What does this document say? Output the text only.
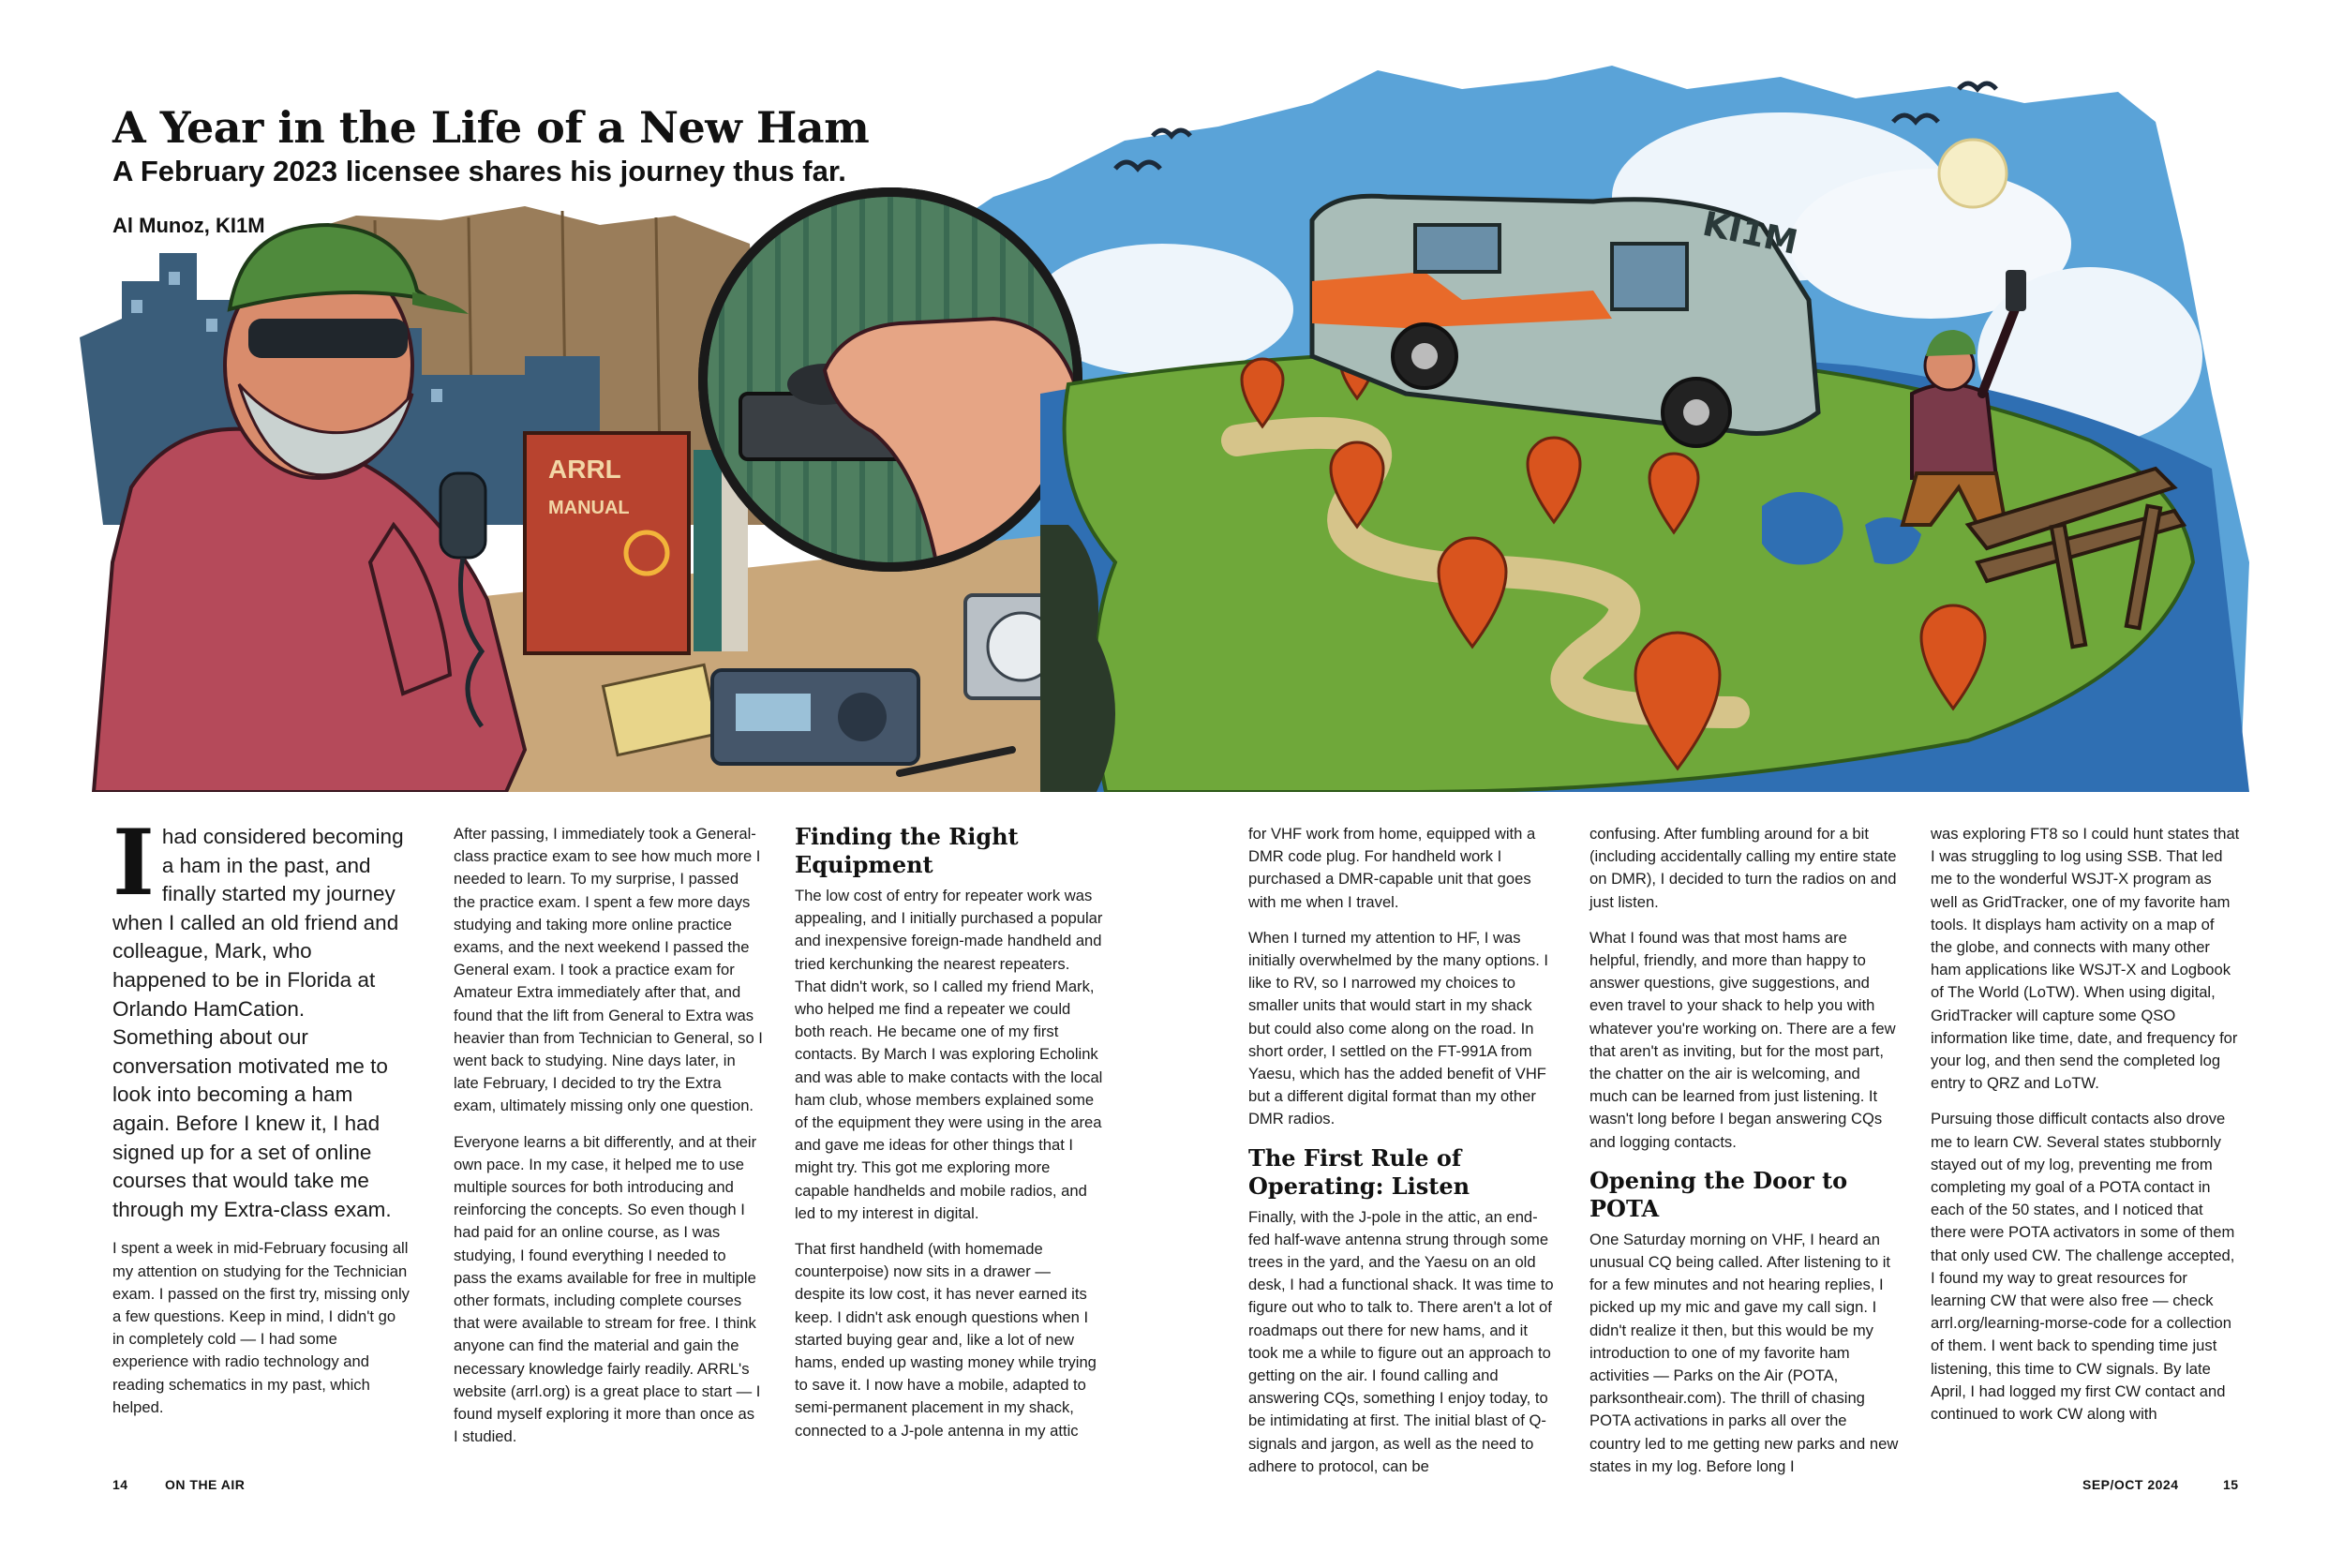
ARRL
MANUAL
KI1M
A Year in the Life of a New Ham
A February 2023 licensee shares his journey thus far.
Al Munoz, KI1M

Ihad considered becoming a ham in the past, and finally started my journey when I called an old friend and colleague, Mark, who happened to be in Florida at Orlando HamCation. Something about our conversation motivated me to look into becoming a ham again. Before I knew it, I had signed up for a set of online courses that would take me through my Extra-class exam.

I spent a week in mid-February focusing all my attention on studying for the Technician exam. I passed on the first try, missing only a few questions. Keep in mind, I didn't go in completely cold — I had some experience with radio technology and reading schematics in my past, which helped.

After passing, I immediately took a General-class practice exam to see how much more I needed to learn. To my surprise, I passed the practice exam. I spent a few more days studying and taking more online practice exams, and the next weekend I passed the General exam. I took a practice exam for Amateur Extra immediately after that, and found that the lift from General to Extra was heavier than from Technician to General, so I went back to studying. Nine days later, in late February, I decided to try the Extra exam, ultimately missing only one question.

Everyone learns a bit differently, and at their own pace. In my case, it helped me to use multiple sources for both introducing and reinforcing the concepts. So even though I had paid for an online course, as I was studying, I found everything I needed to pass the exams available for free in multiple other formats, including complete courses that were available to stream for free. I think anyone can find the material and gain the necessary knowledge fairly readily. ARRL's website (arrl.org) is a great place to start — I found myself exploring it more than once as I studied.

Finding the Right Equipment

The low cost of entry for repeater work was appealing, and I initially purchased a popular and inexpensive foreign-made handheld and tried kerchunking the nearest repeaters. That didn't work, so I called my friend Mark, who helped me find a repeater we could both reach. He became one of my first contacts. By March I was exploring Echolink and was able to make contacts with the local ham club, whose members explained some of the equipment they were using in the area and gave me ideas for other things that I might try. This got me exploring more capable handhelds and mobile radios, and led to my interest in digital.

That first handheld (with homemade counterpoise) now sits in a drawer — despite its low cost, it has never earned its keep. I didn't ask enough questions when I started buying gear and, like a lot of new hams, ended up wasting money while trying to save it. I now have a mobile, adapted to semi-permanent placement in my shack, connected to a J-pole antenna in my attic

for VHF work from home, equipped with a DMR code plug. For handheld work I purchased a DMR-capable unit that goes with me when I travel.

When I turned my attention to HF, I was initially overwhelmed by the many options. I like to RV, so I narrowed my choices to smaller units that would start in my shack but could also come along on the road. In short order, I settled on the FT-991A from Yaesu, which has the added benefit of VHF but a different digital format than my other DMR radios.

The First Rule of Operating: Listen

Finally, with the J-pole in the attic, an end-fed half-wave antenna strung through some trees in the yard, and the Yaesu on an old desk, I had a functional shack. It was time to figure out who to talk to. There aren't a lot of roadmaps out there for new hams, and it took me a while to figure out an approach to getting on the air. I found calling and answering CQs, something I enjoy today, to be intimidating at first. The initial blast of Q-signals and jargon, as well as the need to adhere to protocol, can be

confusing. After fumbling around for a bit (including accidentally calling my entire state on DMR), I decided to turn the radios on and just listen.

What I found was that most hams are helpful, friendly, and more than happy to answer questions, give suggestions, and even travel to your shack to help you with whatever you're working on. There are a few that aren't as inviting, but for the most part, the chatter on the air is welcoming, and much can be learned from just listening. It wasn't long before I began answering CQs and logging contacts.

Opening the Door to POTA

One Saturday morning on VHF, I heard an unusual CQ being called. After listening to it for a few minutes and not hearing replies, I picked up my mic and gave my call sign. I didn't realize it then, but this would be my introduction to one of my favorite ham activities — Parks on the Air (POTA, parksontheair.com). The thrill of chasing POTA activations in parks all over the country led to me getting new parks and new states in my log. Before long I

was exploring FT8 so I could hunt states that I was struggling to log using SSB. That led me to the wonderful WSJT-X program as well as GridTracker, one of my favorite ham tools. It displays ham activity on a map of the globe, and connects with many other ham applications like WSJT-X and Logbook of The World (LoTW). When using digital, GridTracker will capture some QSO information like time, date, and frequency for your log, and then send the completed log entry to QRZ and LoTW.

Pursuing those difficult contacts also drove me to learn CW. Several states stubbornly stayed out of my log, preventing me from completing my goal of a POTA contact in each of the 50 states, and I noticed that there were POTA activators in some of them that only used CW. The challenge accepted, I found my way to great resources for learning CW that were also free — check arrl.org/learning-morse-code for a collection of them. I went back to spending time just listening, this time to CW signals. By late April, I had logged my first CW contact and continued to work CW along with

14	ON THE AIR	SEP/OCT 2024	15
